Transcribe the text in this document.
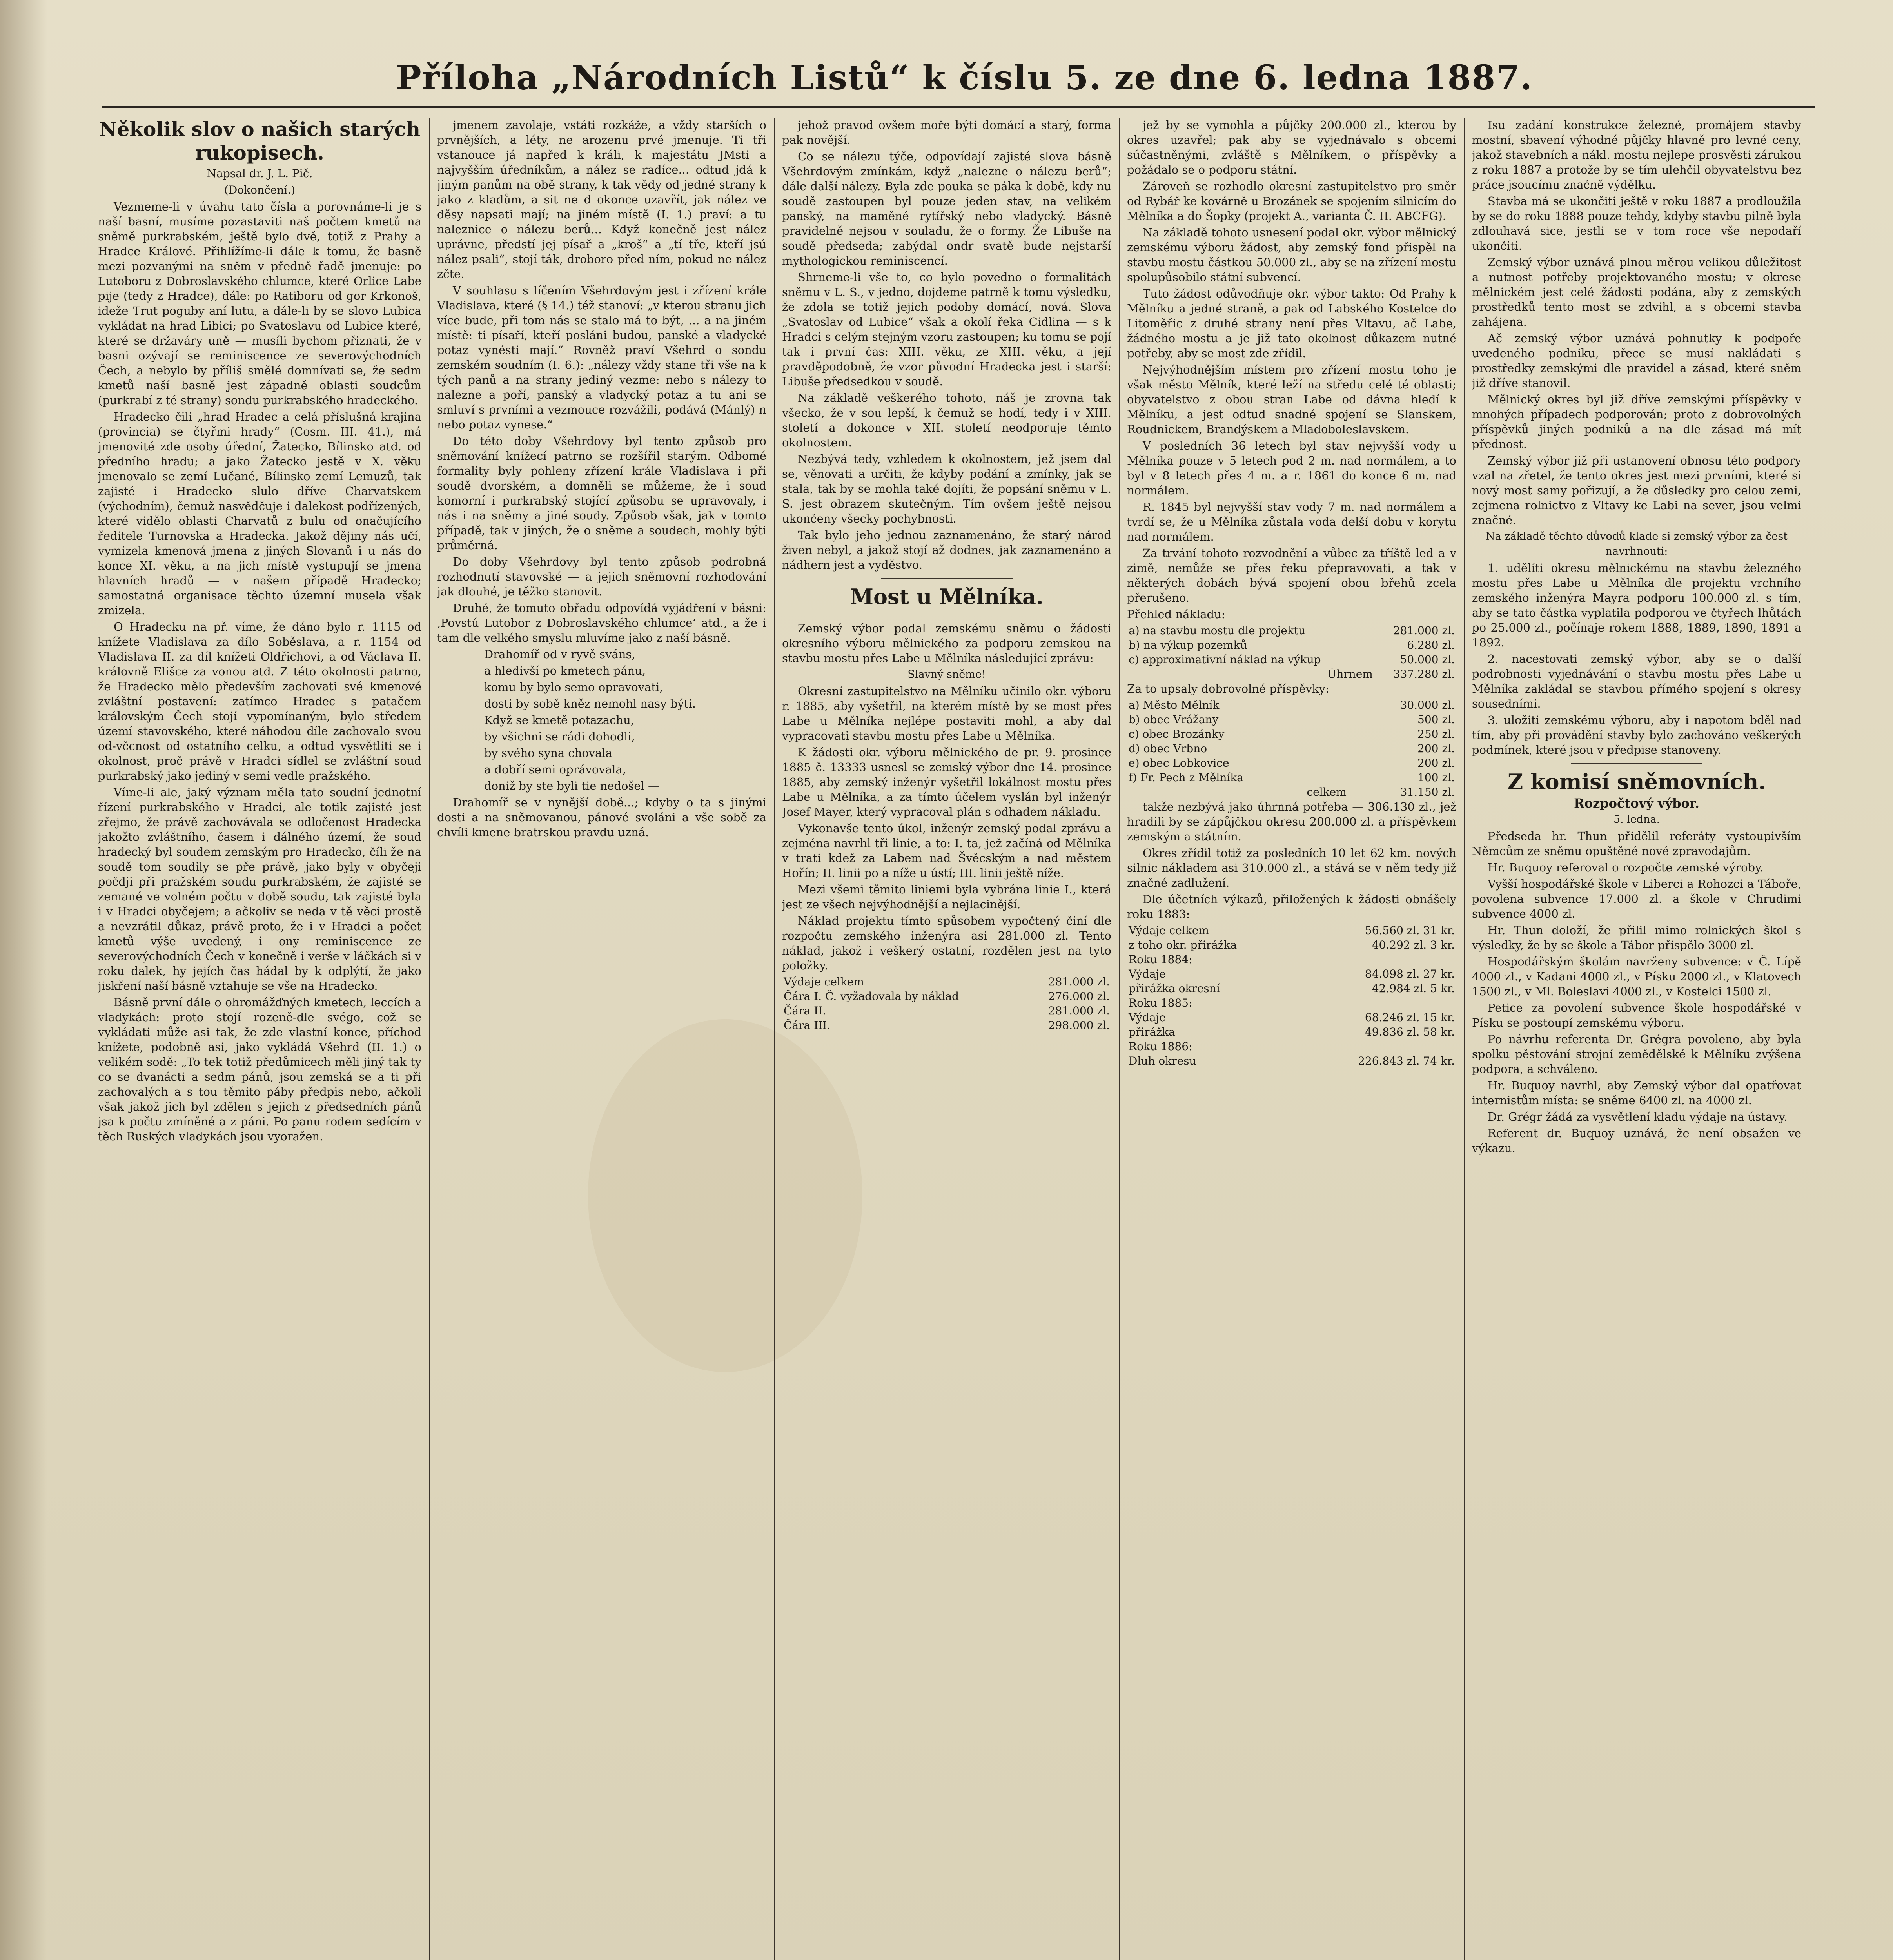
Příloha „Národních Listů“ k číslu 5. ze dne 6. ledna 1887.

Několik slov o našich starých rukopisech.

Napsal dr. J. L. Pič.

(Dokončení.)

Vezmeme-li v úvahu tato čísla a porovnáme-li je s naší basní, musíme pozastaviti naš počtem kmetů na sněmě purkrabském, ještě bylo dvě, totiž z Prahy a Hradce Králové. Přihlížíme-li dále k tomu, že basně mezi pozvanými na sněm v předně řadě jmenuje: po Lutoboru z Dobroslavského chlumce, které Orlice Labe pije (tedy z Hradce), dále: po Ratiboru od gor Krkonoš, ideže Trut poguby aní lutu, a dále-li by se slovo Lubica vykládat na hrad Libici; po Svatoslavu od Lubice které, které se državáry uně — musíli bychom přiznati, že v basni ozývají se reminiscence ze severovýchodních Čech, a nebylo by příliš smělé domnívati se, že sedm kmetů naší basně jest západně oblasti soudcům (purkrabí z té strany) sondu purkrabského hradeckého.

Hradecko čili „hrad Hradec a celá příslušná krajina (provincia) se čtyřmi hrady“ (Cosm. III. 41.), má jmenovité zde osoby úřední, Žatecko, Bílinsko atd. od předního hradu; a jako Žatecko jestě v X. věku jmenovalo se zemí Lučané, Bílinsko zemí Lemuzů, tak zajisté i Hradecko slulo dříve Charvatskem (východním), čemuž nasvědčuje i dalekost podřízených, které vidělo oblasti Charvatů z bulu od onačujícího ředitele Turnovska a Hradecka. Jakož dějiny nás učí, vymizela kmenová jmena z jiných Slovanů i u nás do konce XI. věku, a na jich místě vystupují se jmena hlavních hradů — v našem případě Hradecko; samostatná organisace těchto územní musela však zmizela.

O Hradecku na př. víme, že dáno bylo r. 1115 od knížete Vladislava za dílo Soběslava, a r. 1154 od Vladislava II. za díl knížeti Oldřichovi, a od Václava II. královně Elišce za vonou atd. Z této okolnosti patrno, že Hradecko mělo především zachovati své kmenové zvláštní postavení: zatímco Hradec s patačem královským Čech stojí vypomínaným, bylo středem území stavovského, které náhodou díle zachovalo svou od-včcnost od ostatního celku, a odtud vysvětliti se i okolnost, proč právě v Hradci sídlel se zvláštní soud purkrabský jako jediný v semi vedle pražského.

Víme-li ale, jaký význam měla tato soudní jednotní řízení purkrabského v Hradci, ale totik zajisté jest zřejmo, že právě zachovávala se odločenost Hradecka jakožto zvláštního, časem i dálného území, že soud hradecký byl soudem zemským pro Hradecko, číli že na soudě tom soudily se pře právě, jako byly v obyčeji počdji při pražském soudu purkrabském, že zajisté se zemané ve volném počtu v době soudu, tak zajisté byla i v Hradci obyčejem; a ačkoliv se neda v tě věci prostě a nevzrátil důkaz, právě proto, že i v Hradci a počet kmetů výše uvedený, i ony reminiscence ze severovýchodních Čech v konečně i verše v láčkách si v roku dalek, hy jejích čas hádal by k odplýtí, že jako jiskření naší básně vztahuje se vše na Hradecko.

Básně první dále o ohromážďných kmetech, leccích a vladykách: proto stojí rozeně-dle svégo, což se vykládati může asi tak, že zde vlastní konce, příchod knížete, podobně asi, jako vykládá Všehrd (II. 1.) o velikém sodě: „To tek totiž předůmicech měli jiný tak ty co se dvanácti a sedm pánů, jsou zemská se a ti při zachovalých a s tou těmito páby předpis nebo, ačkoli však jakož jich byl zdělen s jejich z předsedních pánů jsa k počtu zmíněné a z páni. Po panu rodem sedícím v těch Ruských vladykách jsou vyoražen.

jmenem zavolaje, vstáti rozkáže, a vždy starších o prvnějších, a léty, ne arozenu prvé jmenuje. Ti tři vstanouce já napřed k králi, k majestátu JMsti a najvyšším úředníkům, a nález se radíce... odtud jdá k jiným panům na obě strany, k tak vědy od jedné strany k jako z kladům, a sit ne d okonce uzavřít, jak nález ve děsy napsati mají; na jiném místě (I. 1.) praví: a tu naleznice o nálezu berů... Když konečně jest nález uprávne, předstí jej písař a „kroš“ a „tí tře, kteří jsú nález psali“, stojí ták, droboro před ním, pokud ne nález zčte.

V souhlasu s líčením Všehrdovým jest i zřízení krále Vladislava, které (§ 14.) též stanoví: „v kterou stranu jich více bude, při tom nás se stalo má to být, ... a na jiném místě: ti písaří, kteří posláni budou, panské a vladycké potaz vynésti mají.“ Rovněž praví Všehrd o sondu zemském soudním (I. 6.): „nálezy vždy stane tři vše na k tých panů a na strany jediný vezme: nebo s nálezy to nalezne a poří, panský a vladycký potaz a tu ani se smluví s prvními a vezmouce rozvážili, podává (Mánlý) n nebo potaz vynese.“

Do této doby Všehrdovy byl tento způsob pro sněmování knížecí patrno se rozšířil starým. Odbomé formality byly pohleny zřízení krále Vladislava i při soudě dvorském, a domněli se můžeme, že i soud komorní i purkrabský stojící způsobu se upravovaly, i nás i na sněmy a jiné soudy. Způsob však, jak v tomto případě, tak v jiných, že o sněme a soudech, mohly býti průměrná.

Do doby Všehrdovy byl tento způsob podrobná rozhodnutí stavovské — a jejich sněmovní rozhodování jak dlouhé, je těžko stanovit.

Druhé, že tomuto obřadu odpovídá vyjádření v básni: ‚Povstú Lutobor z Dobroslavského chlumce‘ atd., a že i tam dle velkého smyslu mluvíme jako z naší básně.

Drahomíř od v ryvě sváns,

a hledivší po kmetech pánu,

komu by bylo semo opravovati,

dosti by sobě kněz nemohl nasy býti.

Když se kmetě potazachu,

by všichni se rádi dohodli,

by svého syna chovala

a dobří semi oprávovala,

doniž by ste byli tie nedošel —

Drahomíř se v nynější době...; kdyby o ta s jinými dosti a na sněmovanou, pánové svoláni a vše sobě za chvíli kmene bratrskou pravdu uzná.

jehož pravod ovšem moře býti domácí a starý, forma pak novější.

Co se nálezu týče, odpovídají zajisté slova básně Všehrdovým zmínkám, když „nalezne o nálezu berů“; dále další nálezy. Byla zde pouka se páka k době, kdy nu soudě zastoupen byl pouze jeden stav, na velikém panský, na maměné rytířský nebo vladycký. Básně pravidelně nejsou v souladu, že o formy. Že Libuše na soudě předseda; zabýdal ondr svatě bude nejstarší mythologickou reminiscencí.

Shrneme-li vše to, co bylo povedno o formalitách sněmu v L. S., v jedno, dojdeme patrně k tomu výsledku, že zdola se totiž jejich podoby domácí, nová. Slova „Svatoslav od Lubice“ však a okolí řeka Cidlina — s k Hradci s celým stejným vzoru zastoupen; ku tomu se pojí tak i první čas: XIII. věku, ze XIII. věku, a její pravděpodobně, že vzor původní Hradecka jest i starší: Libuše předsedkou v soudě.

Na základě veškerého tohoto, náš je zrovna tak všecko, že v sou lepší, k čemuž se hodí, tedy i v XIII. století a dokonce v XII. století neodporuje těmto okolnostem.

Nezbývá tedy, vzhledem k okolnostem, jež jsem dal se, věnovati a určiti, že kdyby podání a zmínky, jak se stala, tak by se mohla také dojíti, že popsání sněmu v L. S. jest obrazem skutečným. Tím ovšem ještě nejsou ukončeny všecky pochybnosti.

Tak bylo jeho jednou zaznamenáno, že starý národ živen nebyl, a jakož stojí až dodnes, jak zaznamenáno a nádhern jest a vyděstvo.

Most u Mělníka.

Zemský výbor podal zemskému sněmu o žádosti okresního výboru mělnického za podporu zemskou na stavbu mostu přes Labe u Mělníka následující zprávu:

Slavný sněme!

Okresní zastupitelstvo na Mělníku učinilo okr. výboru r. 1885, aby vyšetřil, na kterém místě by se most přes Labe u Mělníka nejlépe postaviti mohl, a aby dal vypracovati stavbu mostu přes Labe u Mělníka.

K žádosti okr. výboru mělnického de pr. 9. prosince 1885 č. 13333 usnesl se zemský výbor dne 14. prosince 1885, aby zemský inženýr vyšetřil lokálnost mostu přes Labe u Mělníka, a za tímto účelem vyslán byl inženýr Josef Mayer, který vypracoval plán s odhadem nákladu.

Vykonavše tento úkol, inženýr zemský podal zprávu a zejména navrhl tři linie, a to: I. ta, jež začíná od Mělníka v trati kdež za Labem nad Švěcským a nad městem Hořín; II. linii po a níže u ústí; III. linii ještě níže.

Mezi všemi těmito liniemi byla vybrána linie I., která jest ze všech nejvýhodnější a nejlacinější.

Náklad projektu tímto spůsobem vypočtený činí dle rozpočtu zemského inženýra asi 281.000 zl. Tento náklad, jakož i veškerý ostatní, rozdělen jest na tyto položky.

Výdaje celkem	281.000 zl.
Čára I. Č. vyžadovala by náklad	276.000 zl.
Čára II.	281.000 zl.
Čára III.	298.000 zl.

jež by se vymohla a půjčky 200.000 zl., kterou by okres uzavřel; pak aby se vyjednávalo s obcemi súčastněnými, zvláště s Mělníkem, o příspěvky a požádalo se o podporu státní.

Zároveň se rozhodlo okresní zastupitelstvo pro směr od Rybář ke kovárně u Brozánek se spojením silnicím do Mělníka a do Šopky (projekt A., varianta Č. II. ABCFG).

Na základě tohoto usnesení podal okr. výbor mělnický zemskému výboru žádost, aby zemský fond přispěl na stavbu mostu částkou 50.000 zl., aby se na zřízení mostu spolupůsobilo státní subvencí.

Tuto žádost odůvodňuje okr. výbor takto: Od Prahy k Mělníku a jedné straně, a pak od Labského Kostelce do Litoměřic z druhé strany není přes Vltavu, ač Labe, žádného mostu a je již tato okolnost důkazem nutné potřeby, aby se most zde zřídil.

Nejvýhodnějším místem pro zřízení mostu toho je však město Mělník, které leží na středu celé té oblasti; obyvatelstvo z obou stran Labe od dávna hledí k Mělníku, a jest odtud snadné spojení se Slanskem, Roudnickem, Brandýskem a Mladoboleslavskem.

V posledních 36 letech byl stav nejvyšší vody u Mělníka pouze v 5 letech pod 2 m. nad normálem, a to byl v 8 letech přes 4 m. a r. 1861 do konce 6 m. nad normálem.

R. 1845 byl nejvyšší stav vody 7 m. nad normálem a tvrdí se, že u Mělníka zůstala voda delší dobu v korytu nad normálem.

Za trvání tohoto rozvodnění a vůbec za tříště led a v zimě, nemůže se přes řeku přepravovati, a tak v některých dobách bývá spojení obou břehů zcela přerušeno.

Přehled nákladu:

a) na stavbu mostu dle projektu	281.000 zl.
b) na výkup pozemků	6.280 zl.
c) approximativní náklad na výkup	50.000 zl.
Úhrnem	337.280 zl.

Za to upsaly dobrovolné příspěvky:

a) Město Mělník	30.000 zl.
b) obec Vrážany	500 zl.
c) obec Brozánky	250 zl.
d) obec Vrbno	200 zl.
e) obec Lobkovice	200 zl.
f) Fr. Pech z Mělníka	100 zl.
celkem	31.150 zl.

takže nezbývá jako úhrnná potřeba — 306.130 zl., jež hradili by se zápůjčkou okresu 200.000 zl. a příspěvkem zemským a státním.

Okres zřídil totiž za posledních 10 let 62 km. nových silnic nákladem asi 310.000 zl., a stává se v něm tedy již značné zadlužení.

Dle účetních výkazů, přiložených k žádosti obnášely roku 1883:

Výdaje celkem	56.560 zl. 31 kr.
z toho okr. přirážka	40.292 zl. 3 kr.
Roku 1884:	
Výdaje	84.098 zl. 27 kr.
přirážka okresní	42.984 zl. 5 kr.
Roku 1885:	
Výdaje	68.246 zl. 15 kr.
přirážka	49.836 zl. 58 kr.
Roku 1886:	
Dluh okresu	226.843 zl. 74 kr.

Isu zadání konstrukce železné, promájem stavby mostní, sbavení výhodné půjčky hlavně pro levné ceny, jakož stavebních a nákl. mostu nejlepe prosvěsti zárukou z roku 1887 a protože by se tím ulehčil obyvatelstvu bez práce jsoucímu značně výdělku.

Stavba má se ukončiti ještě v roku 1887 a prodloužila by se do roku 1888 pouze tehdy, kdyby stavbu pilně byla zdlouhavá sice, jestli se v tom roce vše nepodaří ukončiti.

Zemský výbor uznává plnou měrou velikou důležitost a nutnost potřeby projektovaného mostu; v okrese mělnickém jest celé žádosti podána, aby z zemských prostředků tento most se zdvihl, a s obcemi stavba zahájena.

Ač zemský výbor uznává pohnutky k podpoře uvedeného podniku, přece se musí nakládati s prostředky zemskými dle pravidel a zásad, které sněm již dříve stanovil.

Mělnický okres byl již dříve zemskými příspěvky v mnohých případech podporován; proto z dobrovolných příspěvků jiných podniků a na dle zásad má mít přednost.

Zemský výbor již při ustanovení obnosu této podpory vzal na zřetel, že tento okres jest mezi prvními, které si nový most samy pořizují, a že důsledky pro celou zemi, zejmena rolnictvo z Vltavy ke Labi na sever, jsou velmi značné.

Na základě těchto důvodů klade si zemský výbor za čest navrhnouti:

1. udělíti okresu mělnickému na stavbu železného mostu přes Labe u Mělníka dle projektu vrchního zemského inženýra Mayra podporu 100.000 zl. s tím, aby se tato částka vyplatila podporou ve čtyřech lhůtách po 25.000 zl., počínaje rokem 1888, 1889, 1890, 1891 a 1892.

2. nacestovati zemský výbor, aby se o další podrobnosti vyjednávání o stavbu mostu přes Labe u Mělníka zakládal se stavbou přímého spojení s okresy sousedními.

3. uložiti zemskému výboru, aby i napotom bděl nad tím, aby při provádění stavby bylo zachováno veškerých podmínek, které jsou v předpise stanoveny.

Z komisí sněmovních.

Rozpočtový výbor.

5. ledna.

Předseda hr. Thun přidělil referáty vystoupivším Němcům ze sněmu opuštěné nové zpravodajům.

Hr. Buquoy referoval o rozpočte zemské výroby.

Vyšší hospodářské škole v Liberci a Rohozci a Táboře, povolena subvence 17.000 zl. a škole v Chrudimi subvence 4000 zl.

Hr. Thun doloží, že přilil mimo rolnických škol s výsledky, že by se škole a Tábor přispělo 3000 zl.

Hospodářským školám navrženy subvence: v Č. Lípě 4000 zl., v Kadani 4000 zl., v Písku 2000 zl., v Klatovech 1500 zl., v Ml. Boleslavi 4000 zl., v Kostelci 1500 zl.

Petice za povolení subvence škole hospodářské v Písku se postoupí zemskému výboru.

Po návrhu referenta Dr. Grégra povoleno, aby byla spolku pěstování strojní zemědělské k Mělníku zvýšena podpora, a schváleno.

Hr. Buquoy navrhl, aby Zemský výbor dal opatřovat internistům místa: se sněme 6400 zl. na 4000 zl.

Dr. Grégr žádá za vysvětlení kladu výdaje na ústavy.

Referent dr. Buquoy uznává, že není obsažen ve výkazu.
